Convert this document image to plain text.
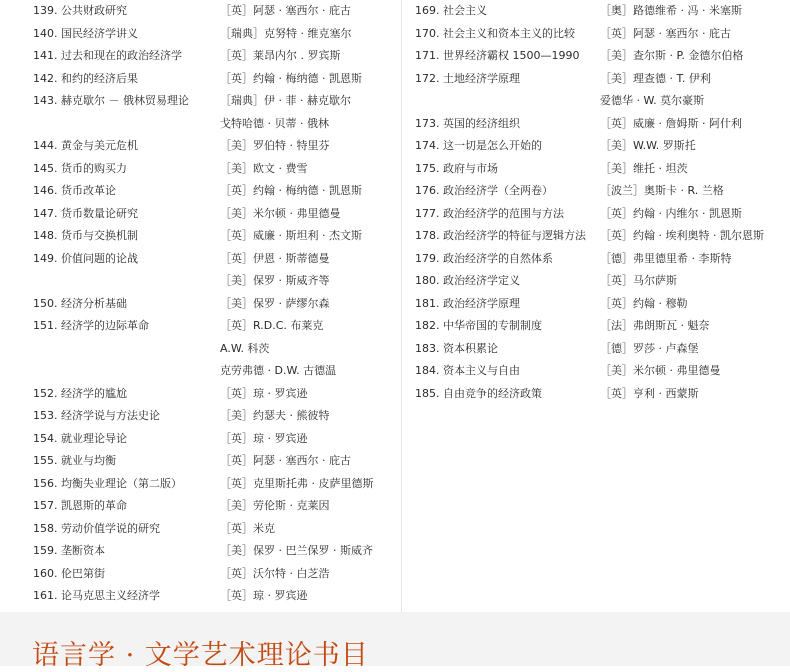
139. 公共财政研究	［英］阿瑟 · 塞西尔 · 庇古
140. 国民经济学讲义	［瑞典］克努特 · 维克塞尔
141. 过去和现在的政治经济学	［英］莱昂内尔 . 罗宾斯
142. 和约的经济后果	［英］约翰 · 梅纳德 · 凯恩斯
143. 赫克歇尔 － 俄林贸易理论	［瑞典］伊 · 菲 · 赫克歇尔
戈特哈德 · 贝蒂 · 俄林
144. 黄金与美元危机	［美］罗伯特 · 特里芬
145. 货币的购买力	［美］欧文 · 费雪
146. 货币改革论	［英］约翰 · 梅纳德 · 凯恩斯
147. 货币数量论研究	［美］米尔顿 · 弗里德曼
148. 货币与交换机制	［英］威廉 · 斯坦利 · 杰文斯
149. 价值问题的论战	［英］伊恩 · 斯蒂德曼
［美］保罗 · 斯威齐等
150. 经济分析基础	［美］保罗 · 萨缪尔森
151. 经济学的边际革命	［英］R.D.C. 布莱克
A.W. 科茨
克劳弗德 · D.W. 古德温
152. 经济学的尴尬	［英］琼 · 罗宾逊
153. 经济学说与方法史论	［美］约瑟夫 · 熊彼特
154. 就业理论导论	［英］琼 · 罗宾逊
155. 就业与均衡	［英］阿瑟 · 塞西尔 · 庇古
156. 均衡失业理论（第二版）	［英］克里斯托弗 · 皮萨里德斯
157. 凯恩斯的革命	［美］劳伦斯 · 克莱因
158. 劳动价值学说的研究	［英］米克
159. 垄断资本	［美］保罗 · 巴兰保罗 · 斯威齐
160. 伦巴第街	［英］沃尔特 · 白芝浩
161. 论马克思主义经济学	［英］琼 · 罗宾逊
169. 社会主义	［奥］路德维希 · 冯 · 米塞斯
170. 社会主义和资本主义的比较 ［英］阿瑟 · 塞西尔 · 庇古
171. 世界经济霸权 1500—1990 ［美］查尔斯 · P. 金德尔伯格
172. 土地经济学原理	［美］理查德 · T. 伊利
爱德华 · W. 莫尔豪斯
173. 英国的经济组织	［英］威廉 · 詹姆斯 · 阿什利
174. 这一切是怎么开始的	［美］W.W. 罗斯托
175. 政府与市场	［美］维托 · 坦茨
176. 政治经济学（全两卷）	［波兰］奥斯卡 · R. 兰格
177. 政治经济学的范围与方法	［英］约翰 · 内维尔 · 凯恩斯
178. 政治经济学的特征与逻辑方法 ［英］约翰 · 埃利奥特 · 凯尔恩斯
179. 政治经济学的自然体系	［德］弗里德里希 · 李斯特
180. 政治经济学定义	［英］马尔萨斯
181. 政治经济学原理	［英］约翰 · 穆勒
182. 中华帝国的专制制度	［法］弗朗斯瓦 · 魁奈
183. 资本积累论	［德］罗莎 · 卢森堡
184. 资本主义与自由	［美］米尔顿 · 弗里德曼
185. 自由竞争的经济政策	［英］亨利 · 西蒙斯
语言学 · 文学艺术理论书目
